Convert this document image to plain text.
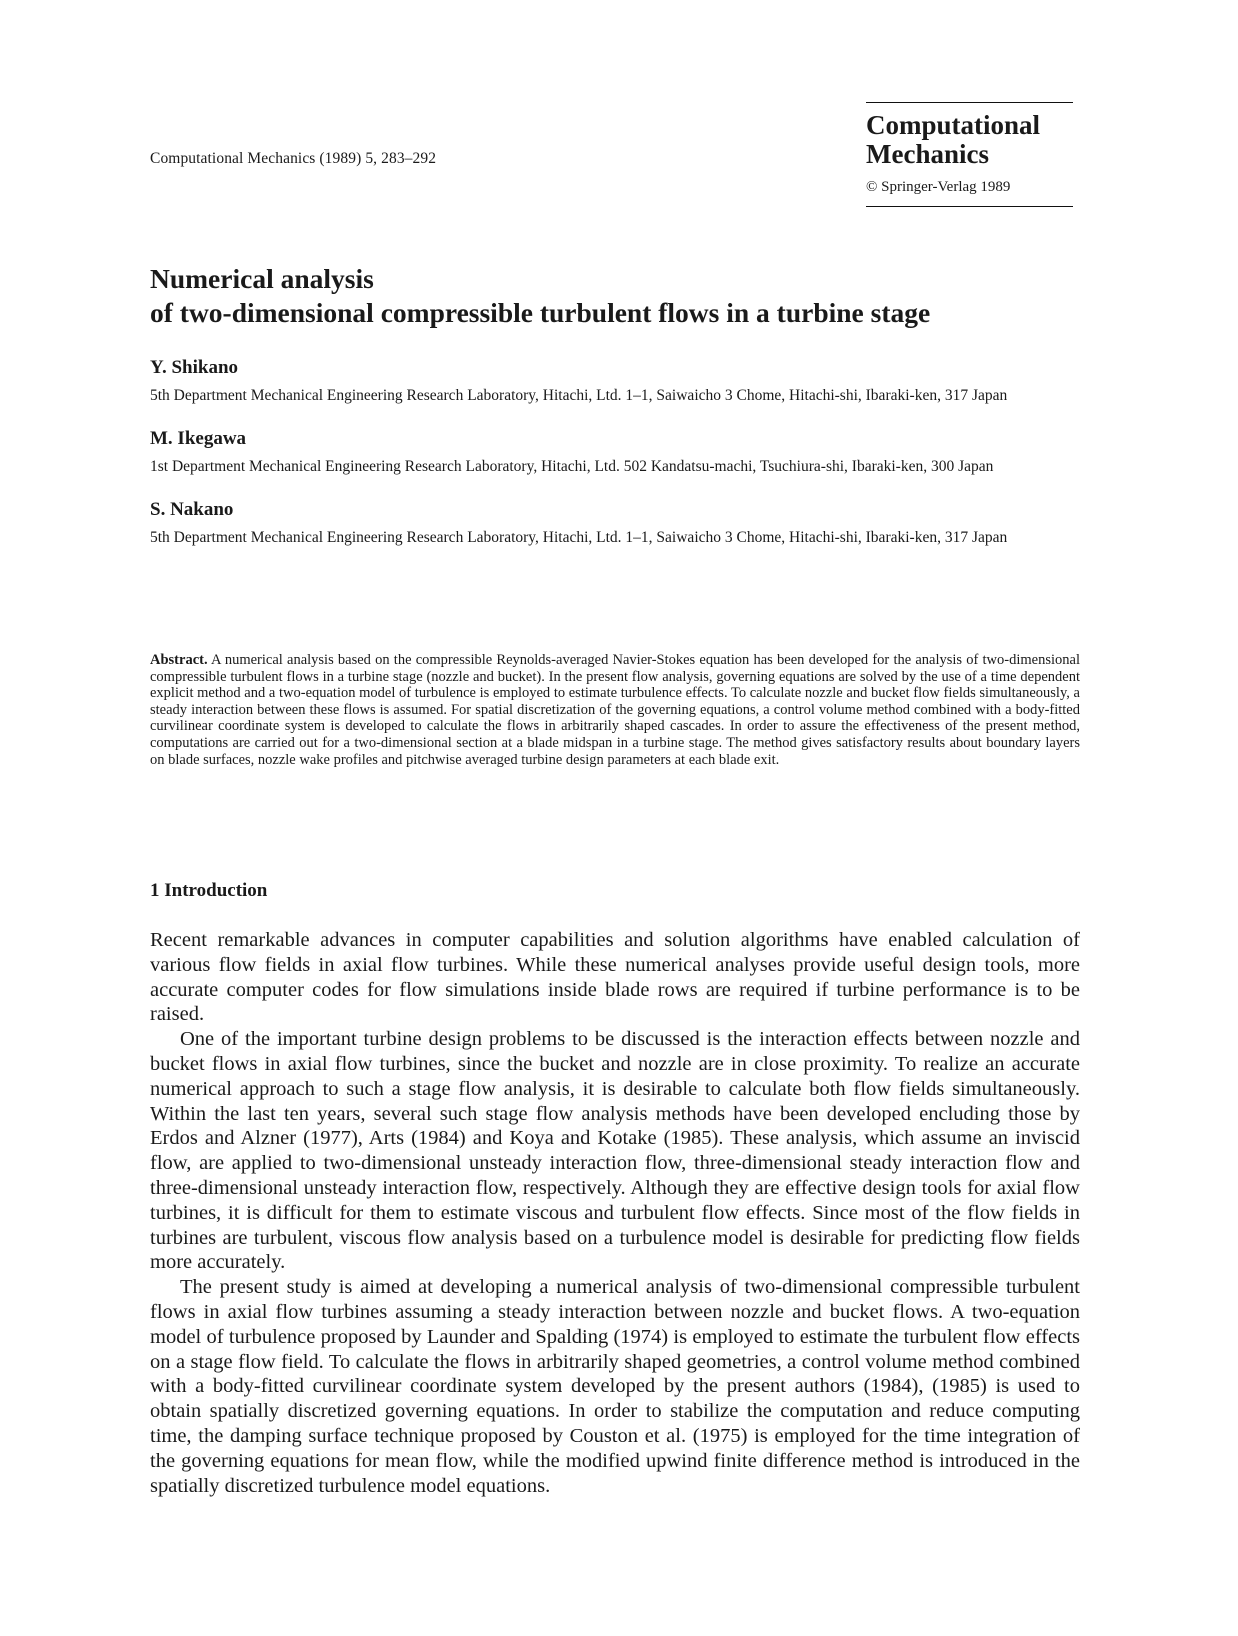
Computational Mechanics (1989) 5, 283–292
Computational
Mechanics
© Springer-Verlag 1989
Numerical analysis
of two-dimensional compressible turbulent flows in a turbine stage
Y. Shikano
5th Department Mechanical Engineering Research Laboratory, Hitachi, Ltd. 1–1, Saiwaicho 3 Chome, Hitachi-shi, Ibaraki-ken, 317 Japan
M. Ikegawa
1st Department Mechanical Engineering Research Laboratory, Hitachi, Ltd. 502 Kandatsu-machi, Tsuchiura-shi, Ibaraki-ken, 300 Japan
S. Nakano
5th Department Mechanical Engineering Research Laboratory, Hitachi, Ltd. 1–1, Saiwaicho 3 Chome, Hitachi-shi, Ibaraki-ken, 317 Japan
Abstract. A numerical analysis based on the compressible Reynolds-averaged Navier-Stokes equation has been developed for the analysis of two-dimensional compressible turbulent flows in a turbine stage (nozzle and bucket). In the present flow analysis, governing equations are solved by the use of a time dependent explicit method and a two-equation model of turbulence is employed to estimate turbulence effects. To calculate nozzle and bucket flow fields simultaneously, a steady interaction between these flows is assumed. For spatial discretization of the governing equations, a control volume method combined with a body-fitted curvilinear coordinate system is developed to calculate the flows in arbitrarily shaped cascades. In order to assure the effectiveness of the present method, computations are carried out for a two-dimensional section at a blade midspan in a turbine stage. The method gives satisfactory results about boundary layers on blade surfaces, nozzle wake profiles and pitchwise averaged turbine design parameters at each blade exit.
1 Introduction

Recent remarkable advances in computer capabilities and solution algorithms have enabled calculation of various flow fields in axial flow turbines. While these numerical analyses provide useful design tools, more accurate computer codes for flow simulations inside blade rows are required if turbine performance is to be raised.

One of the important turbine design problems to be discussed is the interaction effects between nozzle and bucket flows in axial flow turbines, since the bucket and nozzle are in close proximity. To realize an accurate numerical approach to such a stage flow analysis, it is desirable to calculate both flow fields simultaneously. Within the last ten years, several such stage flow analysis methods have been developed encluding those by Erdos and Alzner (1977), Arts (1984) and Koya and Kotake (1985). These analysis, which assume an inviscid flow, are applied to two-dimensional unsteady interaction flow, three-dimensional steady interaction flow and three-dimensional unsteady interaction flow, respectively. Although they are effective design tools for axial flow turbines, it is difficult for them to estimate viscous and turbulent flow effects. Since most of the flow fields in turbines are turbulent, viscous flow analysis based on a turbulence model is desirable for predicting flow fields more accurately.

The present study is aimed at developing a numerical analysis of two-dimensional compressible turbulent flows in axial flow turbines assuming a steady interaction between nozzle and bucket flows. A two-equation model of turbulence proposed by Launder and Spalding (1974) is employed to estimate the turbulent flow effects on a stage flow field. To calculate the flows in arbitrarily shaped geometries, a control volume method combined with a body-fitted curvilinear coordinate system developed by the present authors (1984), (1985) is used to obtain spatially discretized governing equations. In order to stabilize the computation and reduce computing time, the damping surface technique proposed by Couston et al. (1975) is employed for the time integration of the governing equations for mean flow, while the modified upwind finite difference method is introduced in the spatially discretized turbulence model equations.
